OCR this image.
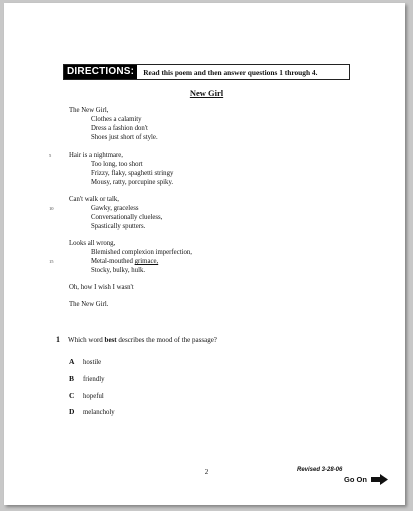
DIRECTIONS:	Read this poem and then answer questions 1 through 4.
New Girl
The New Girl,
Clothes a calamity
Dress a fashion don't
Shoes just short of style.
5	Hair is a nightmare,
Too long, too short
Frizzy, flaky, spaghetti stringy
Mousy, ratty, porcupine spiky.
Can't walk or talk,
10	Gawky, graceless
Conversationally clueless,
Spastically sputters.
Looks all wrong,
Blemished complexion imperfection,
15	Metal-mouthed grimace,
Stocky, bulky, hulk.
Oh, how I wish I wasn't
The New Girl.
1 Which word best describes the mood of the passage?
A hostile
B friendly
C hopeful
D melancholy
2	Revised 3-28-06
Go On
